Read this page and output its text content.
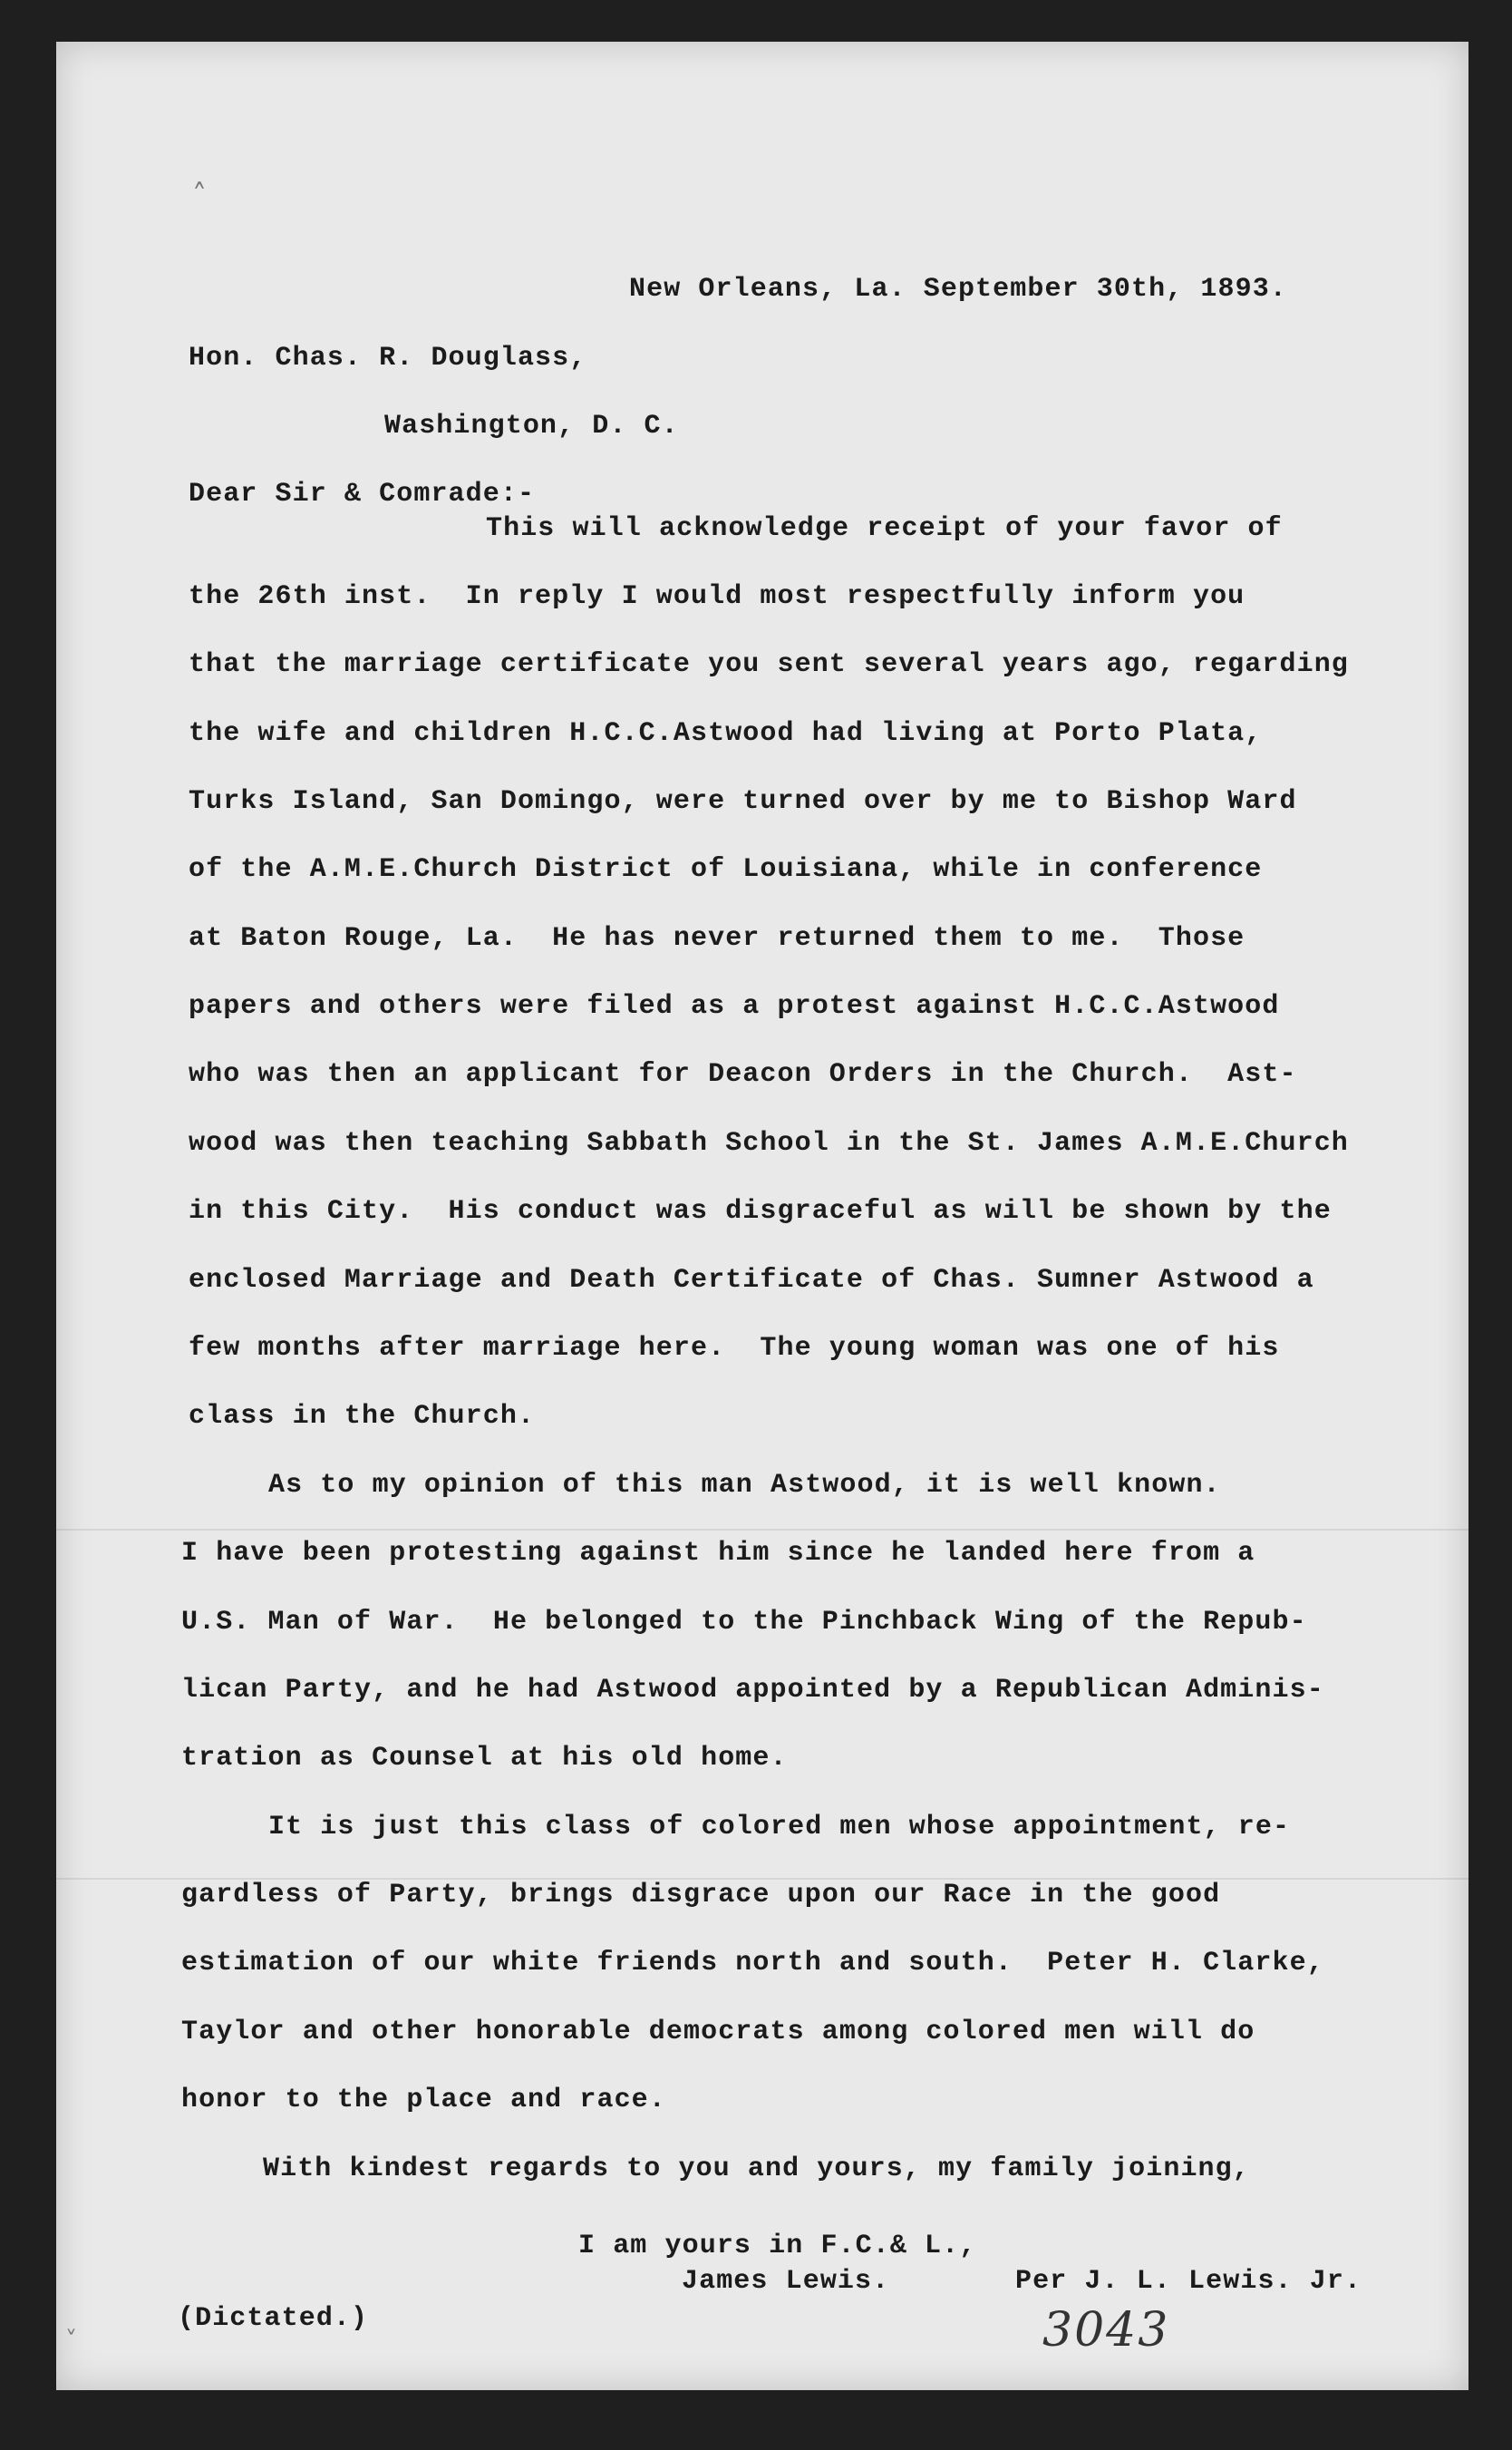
˄
˅
New Orleans, La. September 30th, 1893.
Hon. Chas. R. Douglass,
Washington, D. C.
Dear Sir & Comrade:-
This will acknowledge receipt of your favor of
the 26th inst.  In reply I would most respectfully inform you
that the marriage certificate you sent several years ago, regarding
the wife and children H.C.C.Astwood had living at Porto Plata,
Turks Island, San Domingo, were turned over by me to Bishop Ward
of the A.M.E.Church District of Louisiana, while in conference
at Baton Rouge, La.  He has never returned them to me.  Those
papers and others were filed as a protest against H.C.C.Astwood
who was then an applicant for Deacon Orders in the Church.  Ast-
wood was then teaching Sabbath School in the St. James A.M.E.Church
in this City.  His conduct was disgraceful as will be shown by the
enclosed Marriage and Death Certificate of Chas. Sumner Astwood a
few months after marriage here.  The young woman was one of his
class in the Church.
As to my opinion of this man Astwood, it is well known.
I have been protesting against him since he landed here from a
U.S. Man of War.  He belonged to the Pinchback Wing of the Repub-
lican Party, and he had Astwood appointed by a Republican Adminis-
tration as Counsel at his old home.
It is just this class of colored men whose appointment, re-
gardless of Party, brings disgrace upon our Race in the good
estimation of our white friends north and south.  Peter H. Clarke,
Taylor and other honorable democrats among colored men will do
honor to the place and race.
With kindest regards to you and yours, my family joining,
I am yours in F.C.& L.,
James Lewis.	Per J. L. Lewis. Jr.
(Dictated.)	3043
